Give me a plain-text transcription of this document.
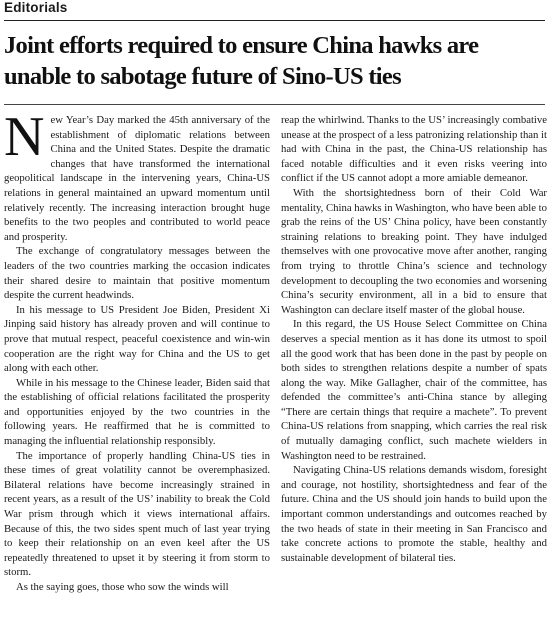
Editorials
Joint efforts required to ensure China hawks are unable to sabotage future of Sino-US ties

New Year’s Day marked the 45th anniversary of the establishment of diplomatic relations between China and the United States. Despite the dramatic changes that have transformed the international geopolitical landscape in the intervening years, China-US relations in general maintained an upward momentum until relatively recently. The increasing interaction brought huge benefits to the two peoples and contributed to world peace and prosperity.

The exchange of congratulatory messages between the leaders of the two countries marking the occasion indicates their shared desire to maintain that positive momentum despite the current headwinds.

In his message to US President Joe Biden, President Xi Jinping said history has already proven and will continue to prove that mutual respect, peaceful coexistence and win-win cooperation are the right way for China and the US to get along with each other.

While in his message to the Chinese leader, Biden said that the establishing of official relations facilitated the prosperity and opportunities enjoyed by the two countries in the following years. He reaffirmed that he is committed to managing the influential relationship responsibly.

The importance of properly handling China-US ties in these times of great volatility cannot be overemphasized. Bilateral relations have become increasingly strained in recent years, as a result of the US’ inability to break the Cold War prism through which it views international affairs. Because of this, the two sides spent much of last year trying to keep their relationship on an even keel after the US repeatedly threatened to upset it by steering it from storm to storm.

As the saying goes, those who sow the winds will

reap the whirlwind. Thanks to the US’ increasingly combative unease at the prospect of a less patronizing relationship than it had with China in the past, the China-US relationship has faced notable difficulties and it even risks veering into conflict if the US cannot adopt a more amiable demeanor.

With the shortsightedness born of their Cold War mentality, China hawks in Washington, who have been able to grab the reins of the US’ China policy, have been constantly straining relations to breaking point. They have indulged themselves with one provocative move after another, ranging from trying to throttle China’s science and technology development to decoupling the two economies and worsening China’s security environment, all in a bid to ensure that Washington can declare itself master of the global house.

In this regard, the US House Select Committee on China deserves a special mention as it has done its utmost to spoil all the good work that has been done in the past by people on both sides to strengthen relations despite a number of spats along the way. Mike Gallagher, chair of the committee, has defended the committee’s anti-China stance by alleging “There are certain things that require a machete”. To prevent China-US relations from snapping, which carries the real risk of mutually damaging conflict, such machete wielders in Washington need to be restrained.

Navigating China-US relations demands wisdom, foresight and courage, not hostility, shortsightedness and fear of the future. China and the US should join hands to build upon the important common understandings and outcomes reached by the two heads of state in their meeting in San Francisco and take concrete actions to promote the stable, healthy and sustainable development of bilateral ties.
